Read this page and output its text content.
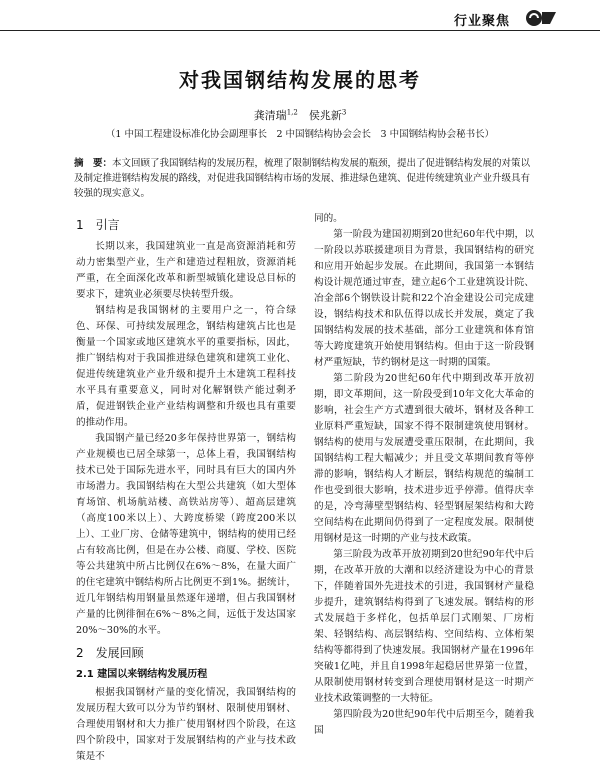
行业聚焦
对我国钢结构发展的思考
龚清瑞$^{1,2}$　 侯兆新$^3$
（1 中国工程建设标准化协会副理事长　2 中国钢结构协会会长　3 中国钢结构协会秘书长）

摘　要：本文回顾了我国钢结构的发展历程，梳理了限制钢结构发展的瓶颈，提出了促进钢结构发展的对策以及制定推进钢结构发展的路线，对促进我国钢结构市场的发展、推进绿色建筑、促进传统建筑业产业升级具有较强的现实意义。

1　引言

长期以来，我国建筑业一直是高资源消耗和劳动力密集型产业，生产和建造过程粗放，资源消耗严重，在全面深化改革和新型城镇化建设总目标的要求下，建筑业必须要尽快转型升级。

钢结构是我国钢材的主要用户之一，符合绿色、环保、可持续发展理念，钢结构建筑占比也是衡量一个国家或地区建筑水平的重要指标，因此，推广钢结构对于我国推进绿色建筑和建筑工业化、促进传统建筑业产业升级和提升土木建筑工程科技水平具有重要意义，同时对化解钢铁产能过剩矛盾，促进钢铁企业产业结构调整和升级也具有重要的推动作用。

我国钢产量已经20多年保持世界第一，钢结构产业规模也已居全球第一，总体上看，我国钢结构技术已处于国际先进水平，同时具有巨大的国内外市场潜力。我国钢结构在大型公共建筑（如大型体育场馆、机场航站楼、高铁站房等）、超高层建筑（高度100米以上）、大跨度桥梁（跨度200米以上）、工业厂房、仓储等建筑中，钢结构的使用已经占有较高比例，但是在办公楼、商厦、学校、医院等公共建筑中所占比例仅在6%～8%，在量大面广的住宅建筑中钢结构所占比例更不到1%。据统计，近几年钢结构用钢量虽然逐年递增，但占我国钢材产量的比例徘徊在6%～8%之间，远低于发达国家20%～30%的水平。

2　发展回顾
2.1 建国以来钢结构发展历程

根据我国钢材产量的变化情况，我国钢结构的发展历程大致可以分为节约钢材、限制使用钢材、合理使用钢材和大力推广使用钢材四个阶段，在这四个阶段中，国家对于发展钢结构的产业与技术政策是不

同的。

第一阶段为建国初期到20世纪60年代中期，以一阶段以苏联援建项目为背景，我国钢结构的研究和应用开始起步发展。在此期间，我国第一本钢结构设计规范通过审查，建立起6个工业建筑设计院、冶金部6个钢铁设计院和22个冶金建设公司完成建设，钢结构技术和队伍得以成长并发展，奠定了我国钢结构发展的技术基础，部分工业建筑和体育馆等大跨度建筑开始使用钢结构。但由于这一阶段钢材严重短缺，节约钢材是这一时期的国策。

第二阶段为20世纪60年代中期到改革开放初期，即文革期间，这一阶段受到10年文化大革命的影响，社会生产方式遭到很大破坏，钢材及各种工业原料严重短缺，国家不得不限制建筑使用钢材。钢结构的使用与发展遭受重压限制，在此期间，我国钢结构工程大幅减少；并且受文革期间教育等停滞的影响，钢结构人才断层，钢结构规范的编制工作也受到很大影响，技术进步近乎停滞。值得庆幸的是，冷弯薄壁型钢结构、轻型钢屋架结构和大跨空间结构在此期间仍得到了一定程度发展。限制使用钢材是这一时期的产业与技术政策。

第三阶段为改革开放初期到20世纪90年代中后期，在改革开放的大潮和以经济建设为中心的背景下，伴随着国外先进技术的引进，我国钢材产量稳步提升，建筑钢结构得到了飞速发展。钢结构的形式发展趋于多样化，包括单层门式刚架、厂房桁架、轻钢结构、高层钢结构、空间结构、立体桁架结构等都得到了快速发展。我国钢材产量在1996年突破1亿吨，并且自1998年起稳居世界第一位置，从限制使用钢材转变到合理使用钢材是这一时期产业技术政策调整的一大特征。

第四阶段为20世纪90年代中后期至今，随着我国
